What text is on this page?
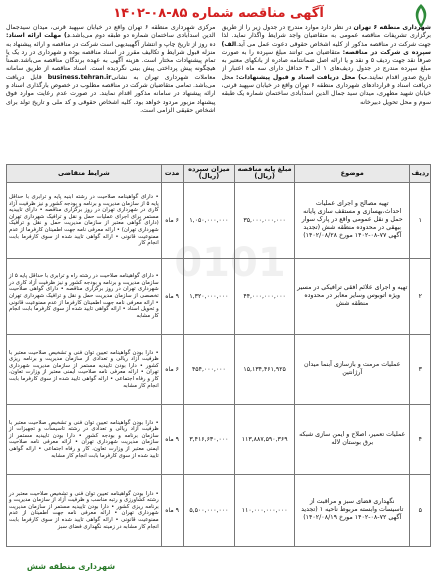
آگهی مناقصه شماره ۸۵-۰۸-۱۴۰۲
شهرداری منطقه ۶ تهران در نظر دارد موارد مندرج در جدول زیر را از طریق برگزاری تشریفات مناقصه عمومی به متقاضیان واجد شرایط واگذار نماید. لذا جهت شرکت در مناقصه مذکور از کلیه اشخاص حقوقی دعوت عمل می آید.الف) سپرده ی شرکت در مناقصه: متقاضیان می توانند مبلغ سپرده را به صورت صرفاً نقد جهت ردیف ۵ و نقد و یا ارائه اصل ضمانتنامه صادره از بانکهای معتبر به مبلغ سپرده مندرج در جدول ردیف‌های ۱ الی ۴ حداقل دارای سه ماه اعتبار از تاریخ صدور اقدام نمایند.ب) محل دریافت اسناد و قبول پیشنهادات: محل دریافت اسناد و قرارداد‌های شهرداری منطقه ۶ تهران واقع در خیابان سپهبد قرنی، خیابان شهید مطهری، میدان سید جمال الدین اسدآبادی ساختمان شماره یک طبقه سوم و محل تحویل دبیرخانه
مرکزی شهرداری منطقه ۶ تهران واقع در خیابان سپهبد قرنی، میدان سیدجمال الدین اسدآبادی ساختمان شماره دو طبقه دوم می‌باشد.د) مهلت ارائه اسناد: ده روز از تاریخ چاپ و انتشار آگهیبدیهی است شرکت در مناقصه و ارائه پیشنهاد به منزله قبول شرایط و تکالیف مقرر در اسناد مناقصه بوده و شهرداری در رد یک یا تمام پیشنهادات مختار است. هزینه آگهی به عهده برندگان مناقصه می‌باشد.ضمناً هیچگونه پیش پرداختی پیش بینی نگردیده است. اسناد مناقصه از طریق سامانه معاملات شهرداری تهران به نشانیbusiness.tehran.ir قابل دریافت می‌باشد. تمامی متقاضیان شرکت در مناقصه مطلوب در خصوص بارگذاری اسناد و ارائه پیشنهاد در سامانه مذکور اقدام نمایند. در صورت عدم رعایت موارد فوق پیشنهاد مزبور مردود خواهد بود. کلیه اشخاص حقوقی و کد ملی و تاریخ تولد برای اشخاص حقیقی الزامی است.
0101
ردیف	موضوع	مبلغ پایه مناقصه (ریال)	میزان سپرده (ریال)	مدت	شرایط متقاضی
۱	تهیه مصالح و اجرای عملیات احداث،بهسازی و مستقف سازی پایانه حمل و نقل عمومی واقع در پارک سوار بیهقی در محدوده منطقه شش (تجدید آگهی ۷۷-۰۸-۱۴۰۲ مورخ ۱۴۰۲/۰۸/۲۸)	۳۵,۰۰۰,۰۰۰,۰۰۰	۱,۰۵۰,۰۰۰,۰۰۰	۶ ماه	• دارای گواهینامه صلاحیت در رشته ابنیه پایه و ترابری با حداقل پایه ۵ از سازمان مدیریت و برنامه و بودجه کشور و نیز ظرفیت آزاد کاری در شهرداری تهران در روز برگزاری مناقصه • دارای تاییدیه مستمر برای اجرای عملیات حمل و نقل و ترافیک شهرداری تهران (دارای گواهی معتبر از سازمان مدیریت حمل و نقل و ترافیک شهرداری تهران) • ارائه معرفی نامه جهت اطمینان کارفرما از عدم ممنوعیت قانونی • ارائه گواهی تایید شده از سوی کارفرما بابت انجام کار
۲	تهیه و اجرای علائم افقی ترافیکی در مسیر ویژه اتوبوس وسایر معابر در محدوده منطقه شش	۴۴,۰۰۰,۰۰۰,۰۰۰	۱,۳۲۰,۰۰۰,۰۰۰	۹ ماه	• دارای گواهینامه صلاحیت در رشته راه و ترابری با حداقل پایه ۵ از سازمان مدیریت و برنامه و بودجه کشور و نیز ظرفیت آزاد کاری در شهرداری تهران در روز برگزاری مناقصه • دارای گواهی صلاحیت تخصصی از سازمان مدیریت حمل و نقل و ترافیک شهرداری تهران • ارائه معرفی نامه جهت اطمینان کارفرما از عدم ممنوعیت قانونی و تحویل اسناد • ارائه گواهی تایید شده از سوی کارفرما بابت انجام کار مشابه
۳	عملیات مرمت و بازسازی آبنما میدان آرژانتین	۱۵,۱۳۴,۴۶۱,۹۲۵	۴۵۴,۰۰۰,۰۰۰	۶ ماه	• دارا بودن گواهینامه تعیین توان فنی و تشخیص صلاحیت معتبر با ظرفیت آزاد ریالی و تعدادی از سازمان مدیریت و برنامه ریزی کشور • دارا بودن تاییدیه مستمر از سازمان مدیریت شهرداری تهران • ارائه معرفی نامه صلاحیت ایمنی معتبر از وزارت تعاون، کار و رفاه اجتماعی • ارائه گواهی تایید شده از سوی کارفرما بابت انجام کار مشابه
۴	عملیات تعمیر، اصلاح و ایمن سازی شبکه برق بوستان لاله	۱۱۳,۸۸۷,۵۹۰,۳۶۹	۳,۴۱۶,۶۳۰,۰۰۰	۹ ماه	• دارا بودن گواهینامه تعیین توان فنی و تشخیص صلاحیت معتبر با ظرفیت آزاد ریالی و تعدادی در رشته تاسیسات و تجهیزات از سازمان برنامه و بودجه کشور • دارا بودن تاییدیه مستمر از سازمان مدیریت شهرداری تهران • ارائه معرفی نامه صلاحیت ایمنی معتبر از وزارت تعاون، کار و رفاه اجتماعی • ارائه گواهی تایید شده از سوی کارفرما بابت انجام کار مشابه
۵	نگهداری فضای سبز و مراقبت از تاسیسات وابسته مربوط ناحیه ۱ (تجدید آگهی ۷۲-۰۸-۱۴۰۲ مورخ ۱۴۰۲/۰۸/۱۹)	۱۱۰,۰۰۰,۰۰۰,۰۰۰	۵,۵۰۰,۰۰۰,۰۰۰	۹ ماه	• دارا بودن گواهینامه تعیین توان فنی و تشخیص صلاحیت معتبر در رشته کشاورزی و رتبه مناسب و ظرفیت آزاد از سازمان مدیریت و برنامه ریزی کشور • دارا بودن تاییدیه مستمر از سازمان مدیریت شهرداری تهران • ارائه معرفی نامه جهت اطمینان از عدم ممنوعیت قانونی • ارائه گواهی تایید شده از سوی کارفرما بابت انجام کار مشابه در زمینه نگهداری فضای سبز
شهرداری منطقه شش
